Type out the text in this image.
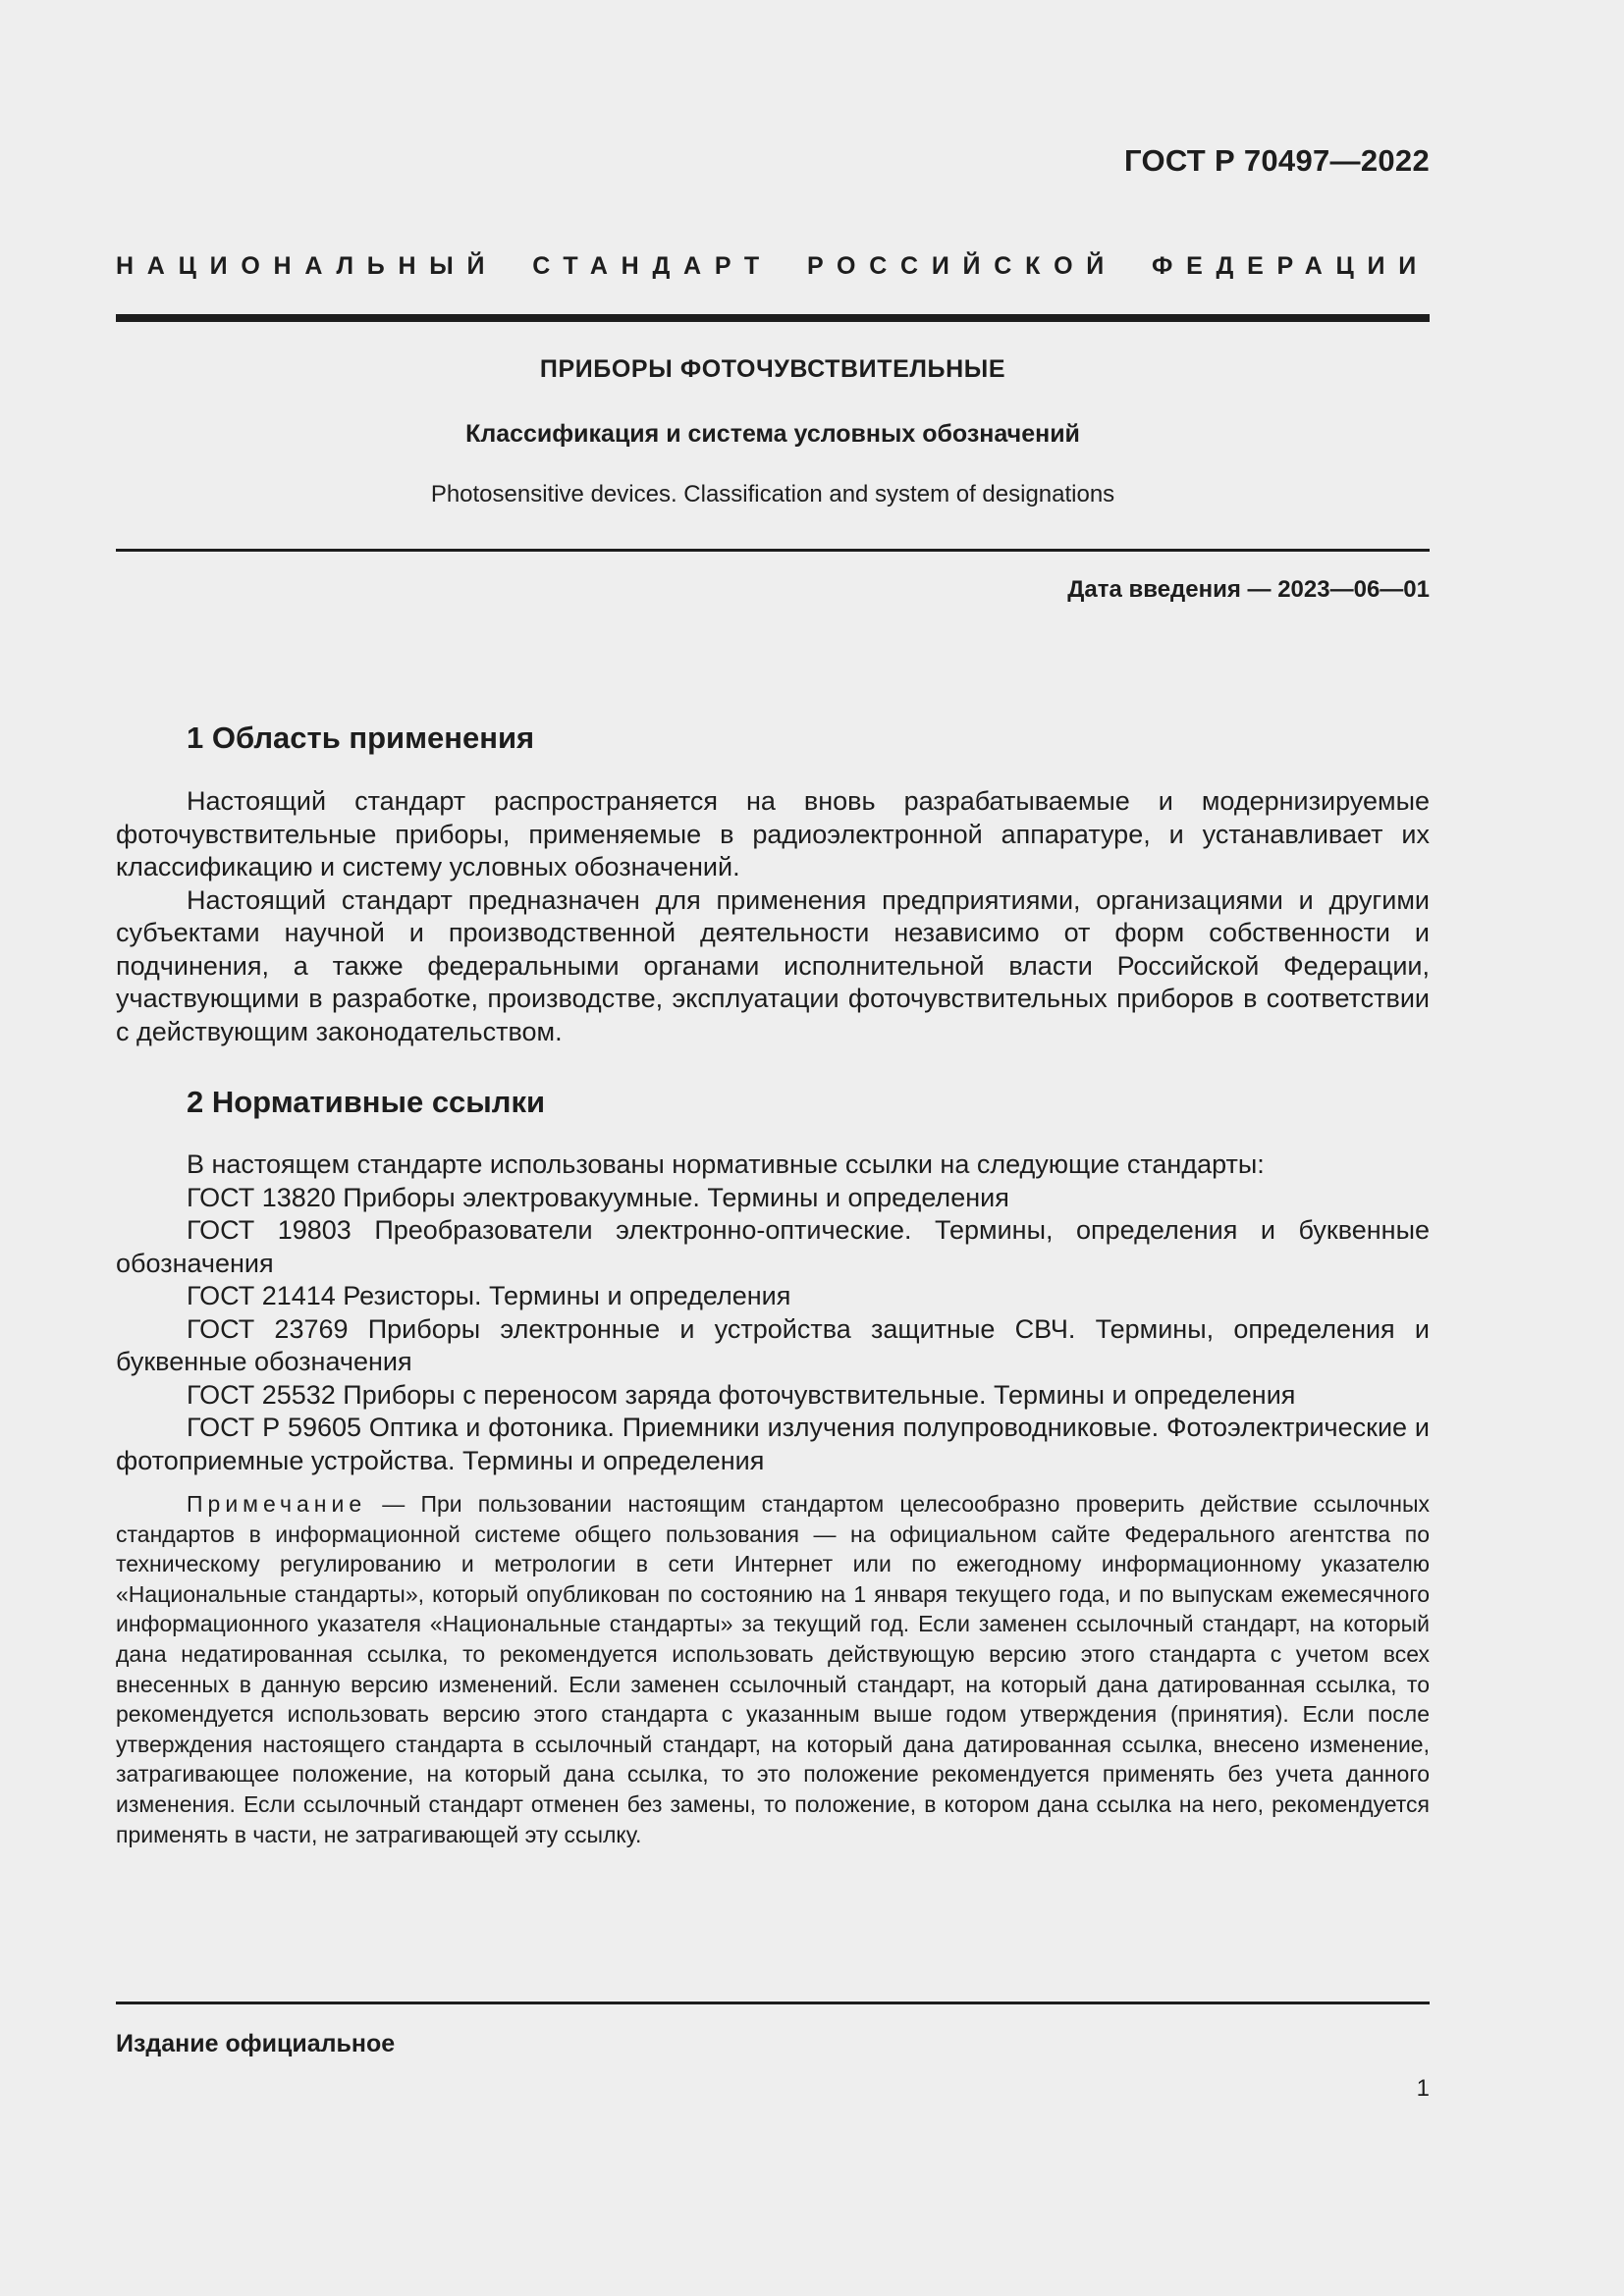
ГОСТ Р 70497—2022
НАЦИОНАЛЬНЫЙ СТАНДАРТ РОССИЙСКОЙ ФЕДЕРАЦИИ
ПРИБОРЫ ФОТОЧУВСТВИТЕЛЬНЫЕ
Классификация и система условных обозначений
Photosensitive devices. Classification and system of designations
Дата введения — 2023—06—01
1 Область применения

Настоящий стандарт распространяется на вновь разрабатываемые и модернизируемые фоточувствительные приборы, применяемые в радиоэлектронной аппаратуре, и устанавливает их классификацию и систему условных обозначений.

Настоящий стандарт предназначен для применения предприятиями, организациями и другими субъектами научной и производственной деятельности независимо от форм собственности и подчинения, а также федеральными органами исполнительной власти Российской Федерации, участвующими в разработке, производстве, эксплуатации фоточувствительных приборов в соответствии с действующим законодательством.

2 Нормативные ссылки

В настоящем стандарте использованы нормативные ссылки на следующие стандарты:

ГОСТ 13820 Приборы электровакуумные. Термины и определения

ГОСТ 19803 Преобразователи электронно-оптические. Термины, определения и буквенные обозначения

ГОСТ 21414 Резисторы. Термины и определения

ГОСТ 23769 Приборы электронные и устройства защитные СВЧ. Термины, определения и буквенные обозначения

ГОСТ 25532 Приборы с переносом заряда фоточувствительные. Термины и определения

ГОСТ Р 59605 Оптика и фотоника. Приемники излучения полупроводниковые. Фотоэлектрические и фотоприемные устройства. Термины и определения

Примечание — При пользовании настоящим стандартом целесообразно проверить действие ссылочных стандартов в информационной системе общего пользования — на официальном сайте Федерального агентства по техническому регулированию и метрологии в сети Интернет или по ежегодному информационному указателю «Национальные стандарты», который опубликован по состоянию на 1 января текущего года, и по выпускам ежемесячного информационного указателя «Национальные стандарты» за текущий год. Если заменен ссылочный стандарт, на который дана недатированная ссылка, то рекомендуется использовать действующую версию этого стандарта с учетом всех внесенных в данную версию изменений. Если заменен ссылочный стандарт, на который дана датированная ссылка, то рекомендуется использовать версию этого стандарта с указанным выше годом утверждения (принятия). Если после утверждения настоящего стандарта в ссылочный стандарт, на который дана датированная ссылка, внесено изменение, затрагивающее положение, на который дана ссылка, то это положение рекомендуется применять без учета данного изменения. Если ссылочный стандарт отменен без замены, то положение, в котором дана ссылка на него, рекомендуется применять в части, не затрагивающей эту ссылку.

Издание официальное
1
